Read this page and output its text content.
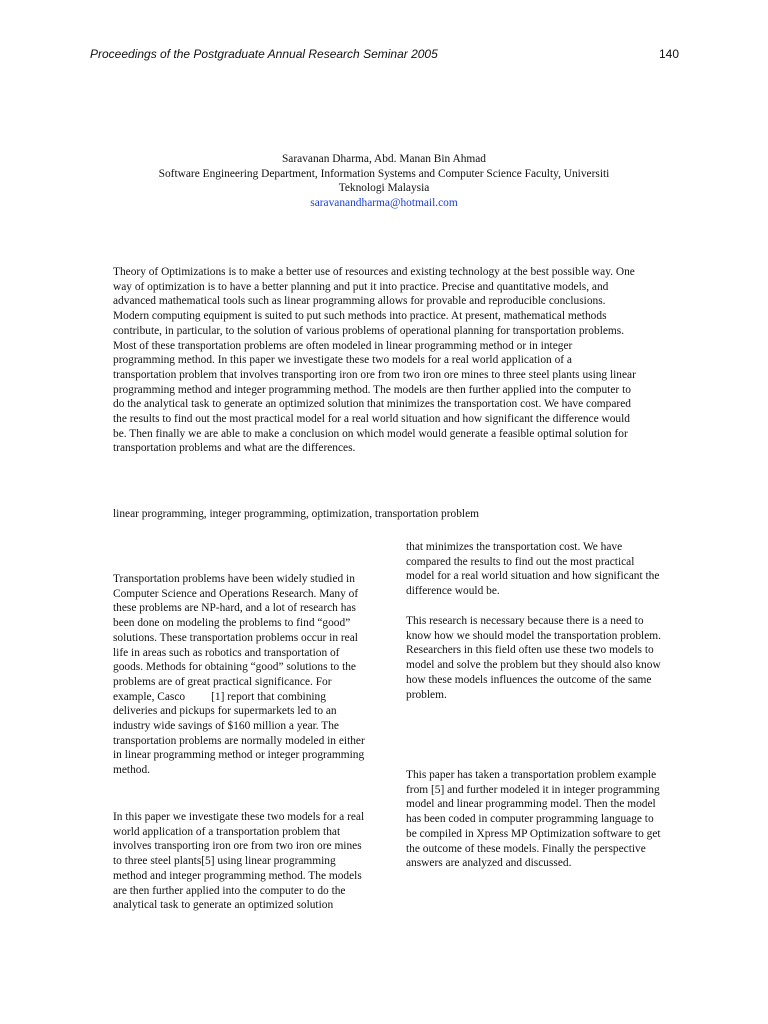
Proceedings of the Postgraduate Annual Research Seminar 2005	140
Saravanan Dharma, Abd. Manan Bin Ahmad
Software Engineering Department, Information Systems and Computer Science Faculty, Universiti
Teknologi Malaysia
saravanandharma@hotmail.com

Theory of Optimizations is to make a better use of resources and existing technology at the best possible way. One way of optimization is to have a better planning and put it into practice. Precise and quantitative models, and advanced mathematical tools such as linear programming allows for provable and reproducible conclusions. Modern computing equipment is suited to put such methods into practice. At present, mathematical methods contribute, in particular, to the solution of various problems of operational planning for transportation problems. Most of these transportation problems are often modeled in linear programming method or in integer programming method. In this paper we investigate these two models for a real world application of a transportation problem that involves transporting iron ore from two iron ore mines to three steel plants using linear programming method and integer programming method. The models are then further applied into the computer to do the analytical task to generate an optimized solution that minimizes the transportation cost. We have compared the results to find out the most practical model for a real world situation and how significant the difference would be. Then finally we are able to make a conclusion on which model would generate a feasible optimal solution for transportation problems and what are the differences.

linear programming, integer programming, optimization, transportation problem

Transportation problems have been widely studied in Computer Science and Operations Research. Many of these problems are NP-hard, and a lot of research has been done on modeling the problems to find “good” solutions. These transportation problems occur in real life in areas such as robotics and transportation of goods. Methods for obtaining “good” solutions to the problems are of great practical significance. For example, Casco [1] report that combining deliveries and pickups for supermarkets led to an industry wide savings of $160 million a year. The transportation problems are normally modeled in either in linear programming method or integer programming method.

In this paper we investigate these two models for a real world application of a transportation problem that involves transporting iron ore from two iron ore mines to three steel plants[5] using linear programming method and integer programming method. The models are then further applied into the computer to do the analytical task to generate an optimized solution

that minimizes the transportation cost. We have compared the results to find out the most practical model for a real world situation and how significant the difference would be.

This research is necessary because there is a need to know how we should model the transportation problem. Researchers in this field often use these two models to model and solve the problem but they should also know how these models influences the outcome of the same problem.

This paper has taken a transportation problem example from [5] and further modeled it in integer programming model and linear programming model. Then the model has been coded in computer programming language to be compiled in Xpress MP Optimization software to get the outcome of these models. Finally the perspective answers are analyzed and discussed.
